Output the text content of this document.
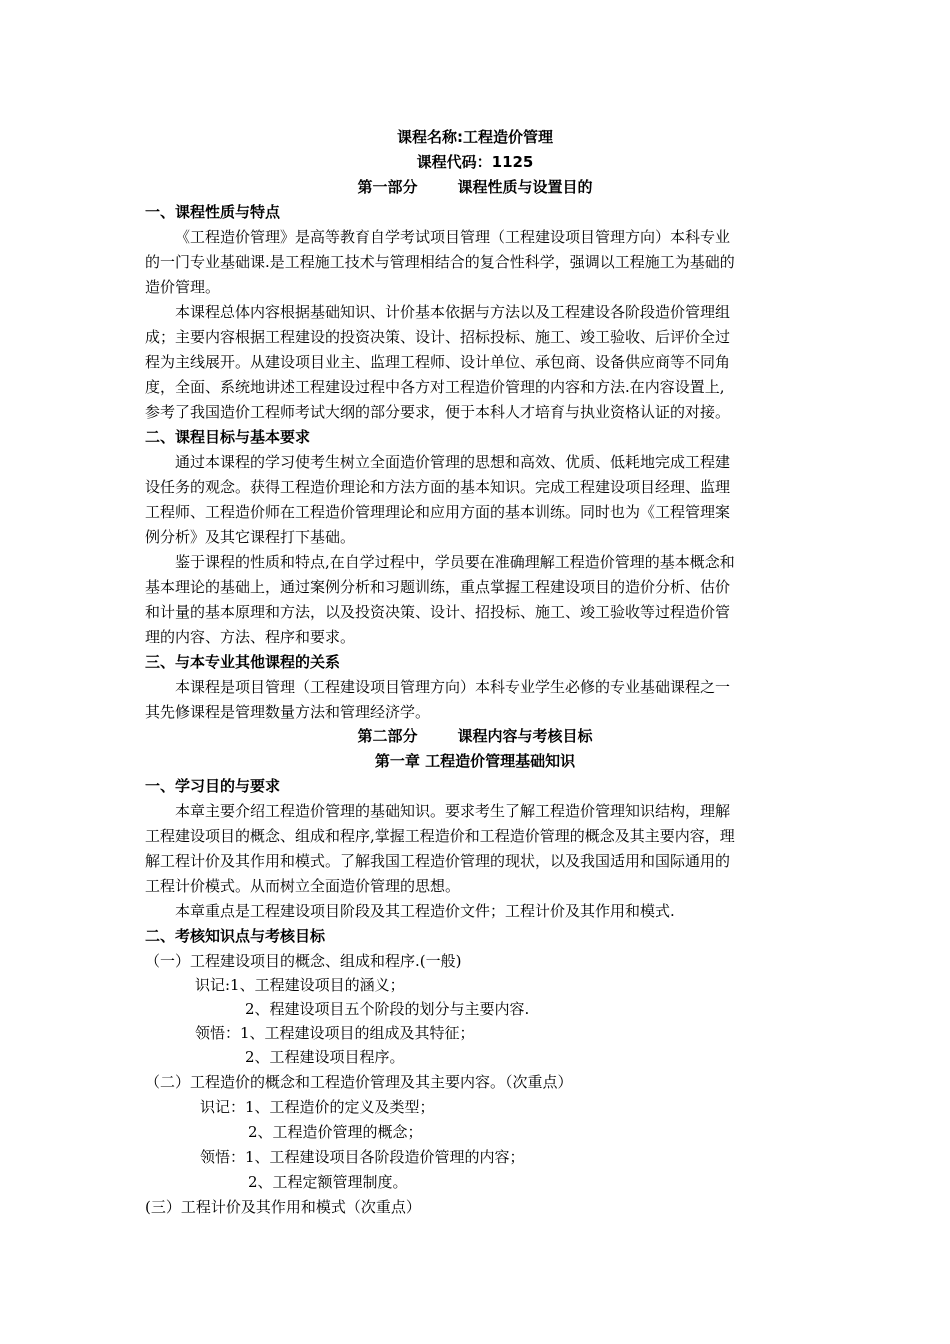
课程名称:工程造价管理
课程代码：1125
第一部分	课程性质与设置目的
一、课程性质与特点
《工程造价管理》是高等教育自学考试项目管理（工程建设项目管理方向）本科专业
的一门专业基础课.是工程施工技术与管理相结合的复合性科学，强调以工程施工为基础的
造价管理。
本课程总体内容根据基础知识、计价基本依据与方法以及工程建设各阶段造价管理组
成；主要内容根据工程建设的投资决策、设计、招标投标、施工、竣工验收、后评价全过
程为主线展开。从建设项目业主、监理工程师、设计单位、承包商、设备供应商等不同角
度，全面、系统地讲述工程建设过程中各方对工程造价管理的内容和方法.在内容设置上,
参考了我国造价工程师考试大纲的部分要求，便于本科人才培育与执业资格认证的对接。
二、课程目标与基本要求
通过本课程的学习使考生树立全面造价管理的思想和高效、优质、低耗地完成工程建
设任务的观念。获得工程造价理论和方法方面的基本知识。完成工程建设项目经理、监理
工程师、工程造价师在工程造价管理理论和应用方面的基本训练。同时也为《工程管理案
例分析》及其它课程打下基础。
鉴于课程的性质和特点,在自学过程中，学员要在准确理解工程造价管理的基本概念和
基本理论的基础上，通过案例分析和习题训练，重点掌握工程建设项目的造价分析、估价
和计量的基本原理和方法，以及投资决策、设计、招投标、施工、竣工验收等过程造价管
理的内容、方法、程序和要求。
三、与本专业其他课程的关系
本课程是项目管理（工程建设项目管理方向）本科专业学生必修的专业基础课程之一
其先修课程是管理数量方法和管理经济学。
第二部分	课程内容与考核目标
第一章 工程造价管理基础知识
一、学习目的与要求
本章主要介绍工程造价管理的基础知识。要求考生了解工程造价管理知识结构，理解
工程建设项目的概念、组成和程序,掌握工程造价和工程造价管理的概念及其主要内容，理
解工程计价及其作用和模式。了解我国工程造价管理的现状，以及我国适用和国际通用的
工程计价模式。从而树立全面造价管理的思想。
本章重点是工程建设项目阶段及其工程造价文件；工程计价及其作用和模式.
二、考核知识点与考核目标
（一）工程建设项目的概念、组成和程序.(一般)
识记:1、工程建设项目的涵义；
2、程建设项目五个阶段的划分与主要内容.
领悟：1、工程建设项目的组成及其特征；
2、工程建设项目程序。
（二）工程造价的概念和工程造价管理及其主要内容。（次重点）
识记：1、工程造价的定义及类型；
2、工程造价管理的概念；
领悟：1、工程建设项目各阶段造价管理的内容；
2、工程定额管理制度。
(三）工程计价及其作用和模式（次重点）
